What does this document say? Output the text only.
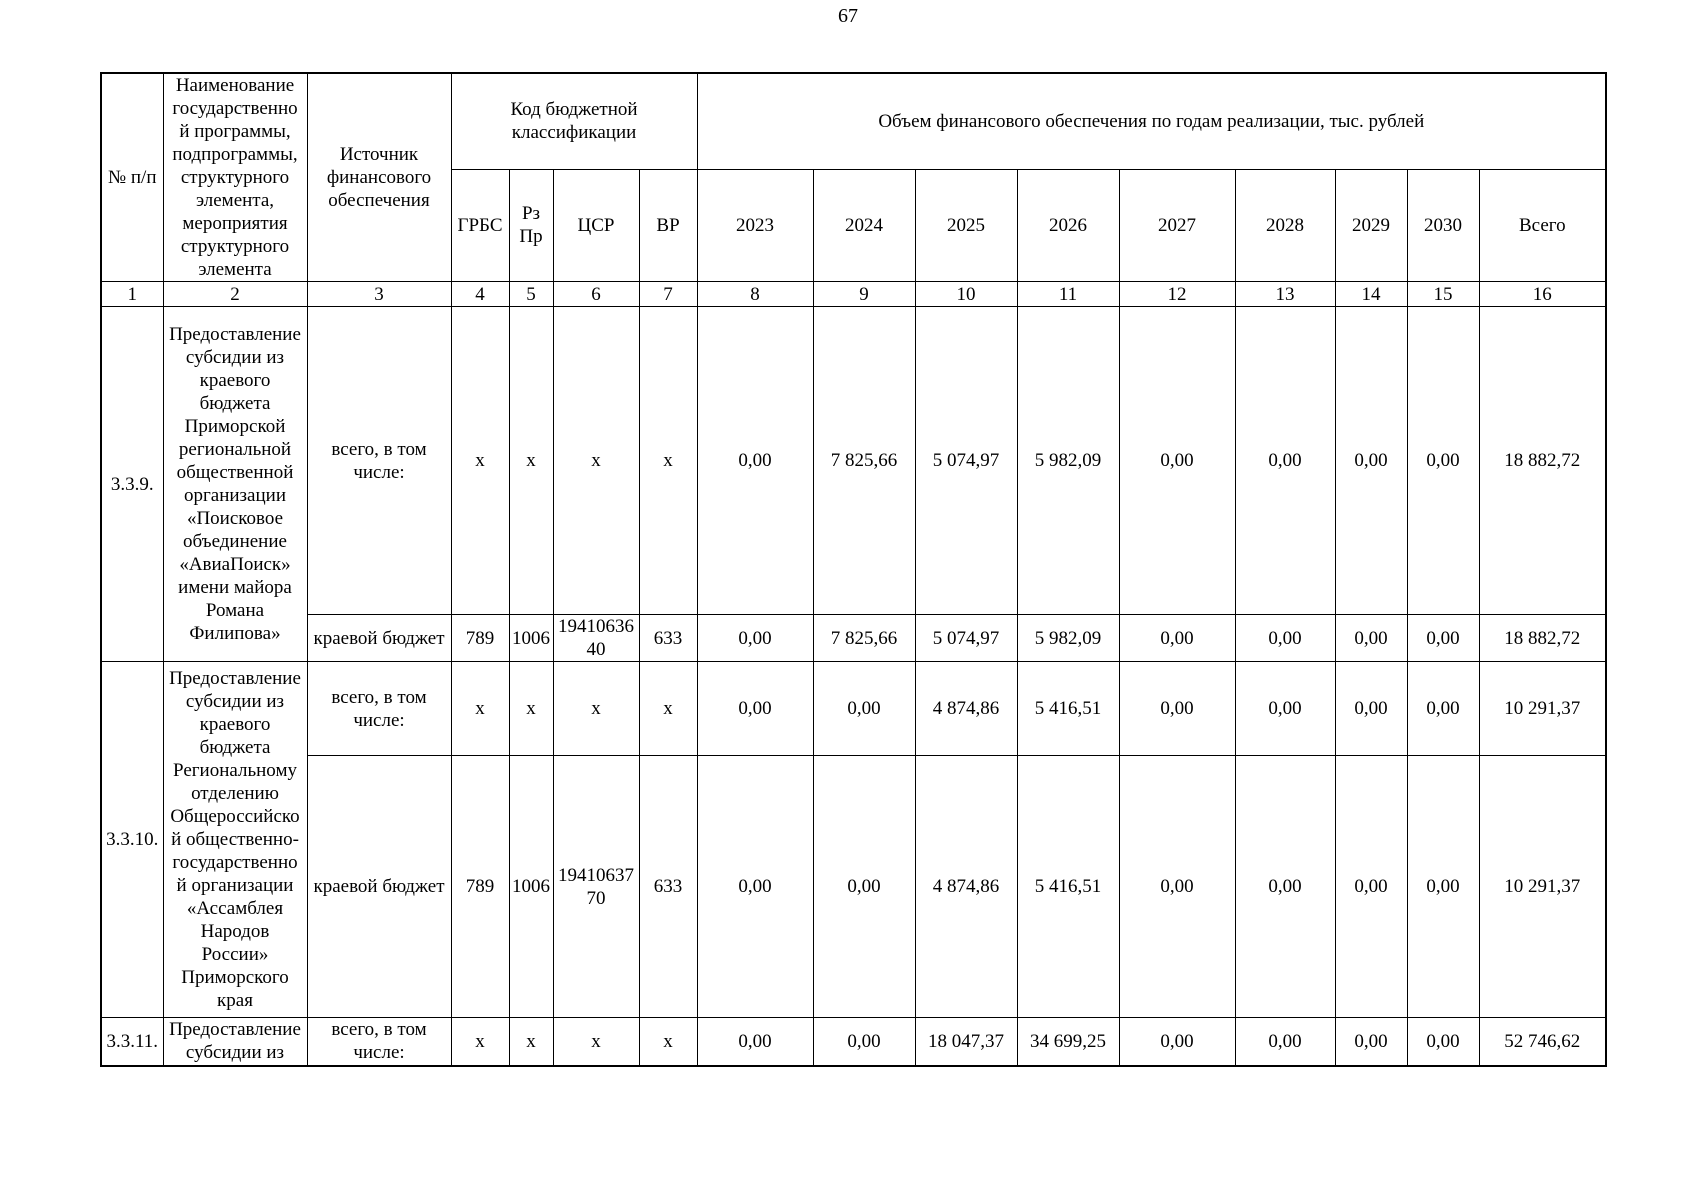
67
№ п/п	Наименование государственно й программы, подпрограммы, структурного элемента, мероприятия структурного элемента	Источник финансового обеспечения	Код бюджетной классификации				Объем финансового обеспечения по годам реализации, тыс. рублей								
			ГРБС	Рз Пр	ЦСР	ВР	2023	2024	2025	2026	2027	2028	2029	2030	Всего
1	2	3	4	5	6	7	8	9	10	11	12	13	14	15	16
3.3.9.	Предоставление субсидии из краевого бюджета Приморской региональной общественной организации «Поисковое объединение «АвиаПоиск» имени майора Романа Филипова»	всего, в том числе:	х	х	х	х	0,00	7 825,66	5 074,97	5 982,09	0,00	0,00	0,00	0,00	18 882,72
		краевой бюджет	789	1006	19410636 40	633	0,00	7 825,66	5 074,97	5 982,09	0,00	0,00	0,00	0,00	18 882,72
3.3.10.	Предоставление субсидии из краевого бюджета Региональному отделению Общероссийско й общественно-государственно й организации «Ассамблея Народов России» Приморского края	всего, в том числе:	х	х	х	х	0,00	0,00	4 874,86	5 416,51	0,00	0,00	0,00	0,00	10 291,37
		краевой бюджет	789	1006	19410637 70	633	0,00	0,00	4 874,86	5 416,51	0,00	0,00	0,00	0,00	10 291,37
3.3.11.	Предоставление субсидии из	всего, в том числе:	х	х	х	х	0,00	0,00	18 047,37	34 699,25	0,00	0,00	0,00	0,00	52 746,62
